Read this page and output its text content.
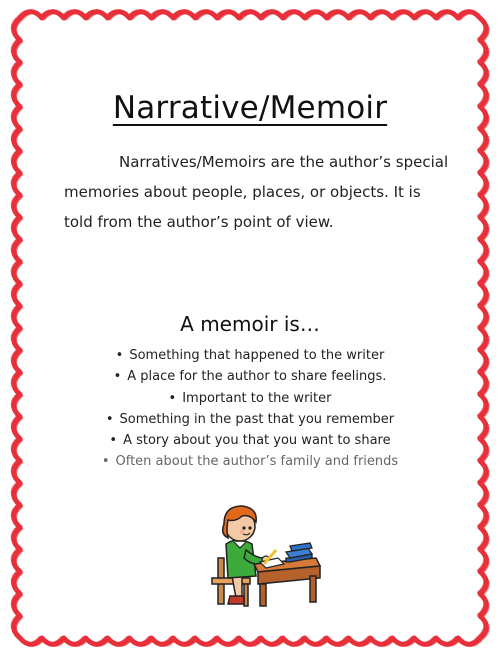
Narrative/Memoir
Narratives/Memoirs are the author’s special memories about people, places, or objects. It is told from the author’s point of view.
A memoir is…
• Something that happened to the writer
• A place for the author to share feelings.
• Important to the writer
• Something in the past that you remember
• A story about you that you want to share
• Often about the author’s family and friends
